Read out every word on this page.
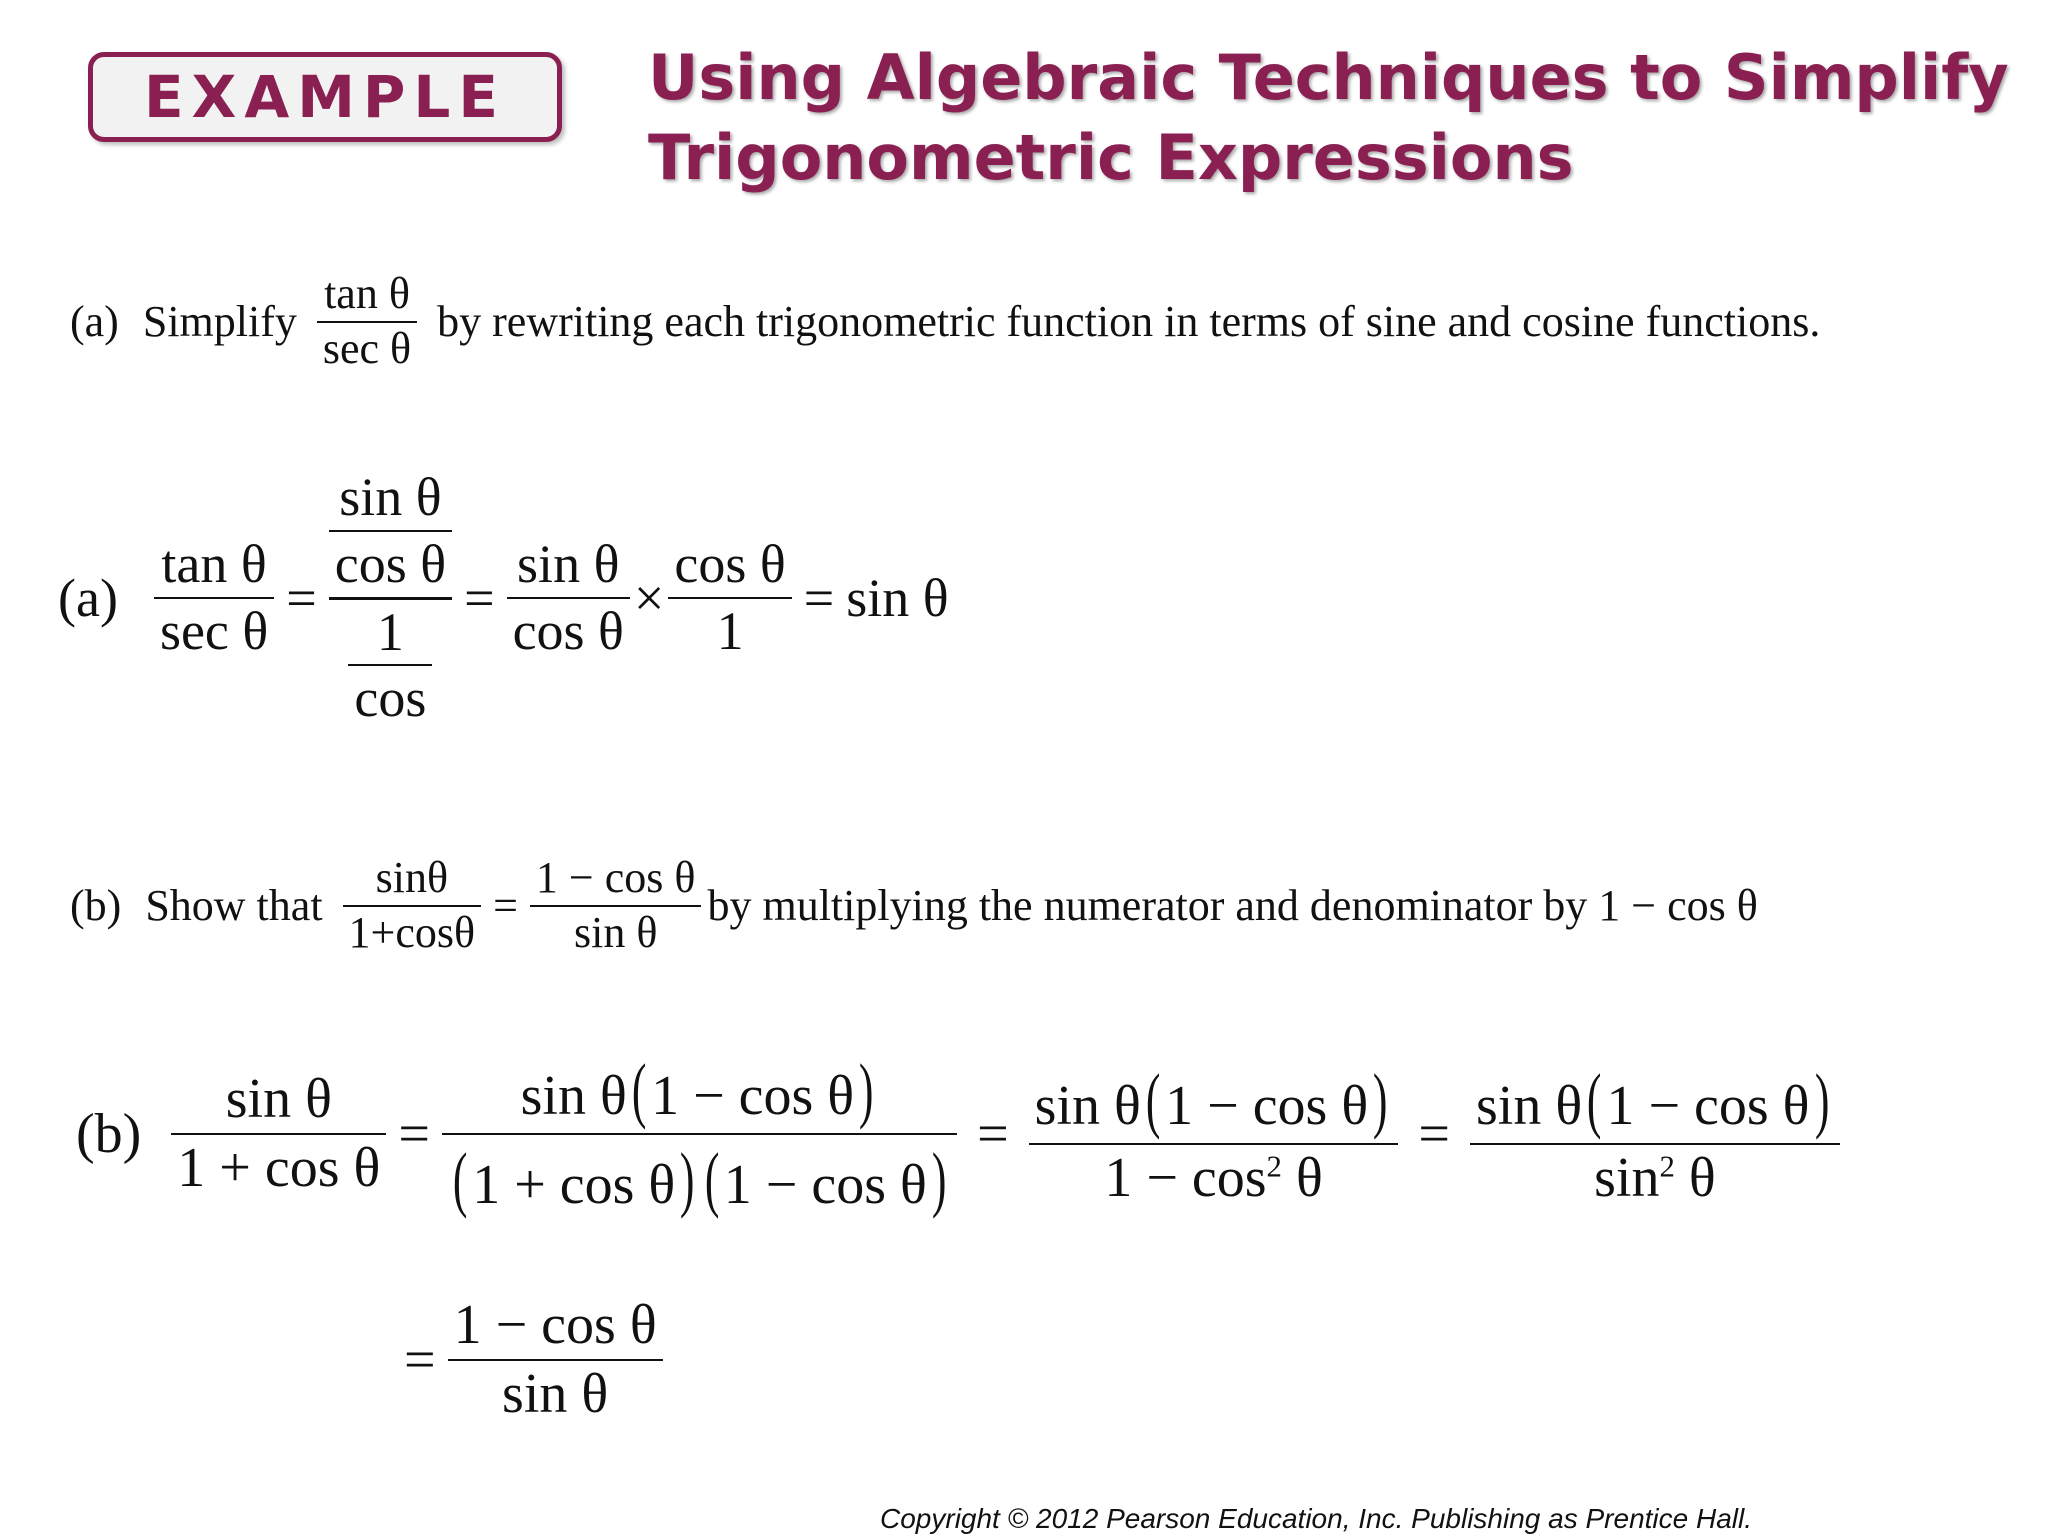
EXAMPLE Using Algebraic Techniques to Simplify
Trigonometric Expressions
(a) Simplify $\frac{\text{tan θ}}{\text{sec θ}}$ by rewriting each trigonometric function in terms of sine and cosine functions.
$(a) \frac{\text{tan θ}}{\text{sec θ}} = \frac{\frac{\text{sin θ}}{\text{cos θ}}}{\frac{1}{\cos}} = \frac{\text{sin θ}}{\text{cos θ}} \times \frac{\text{cos θ}}{1} = \sin \theta$
(b) Show that $\frac{\sin\theta}{1+\cos\theta} = \frac{\text{1 − cos θ}}{\text{sin θ}}$ by multiplying the numerator and denominator by 1 − cos θ
$(b) \frac{\text{sin θ}}{\text{1 + cos θ}} = \frac{\text{sin θ(1 − cos θ)}}{\text{(1 + cos θ) (1 − cos θ)}} = \frac{\text{sin θ(1 − cos θ)}}{1 - \cos^2 \theta} = \frac{\text{sin θ(1 − cos θ)}}{\sin^2 \theta}$
= $\frac{\text{1 − cos θ}}{\text{sin θ}}$
Copyright © 2012 Pearson Education, Inc. Publishing as Prentice Hall.
